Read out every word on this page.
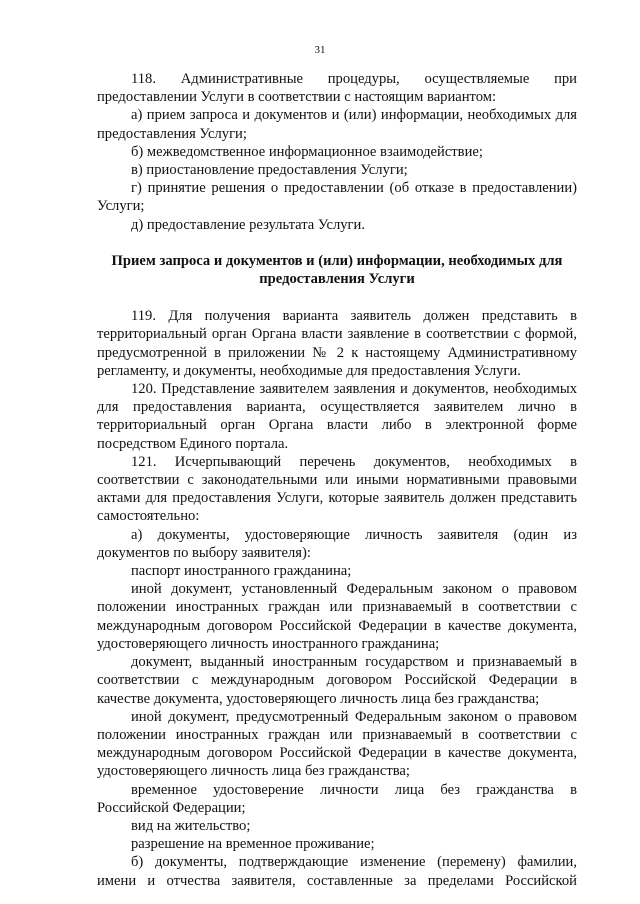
31

118. Административные процедуры, осуществляемые при предоставлении Услуги в соответствии с настоящим вариантом:

а) прием запроса и документов и (или) информации, необходимых для предоставления Услуги;

б) межведомственное информационное взаимодействие;

в) приостановление предоставления Услуги;

г) принятие решения о предоставлении (об отказе в предоставлении) Услуги;

д) предоставление результата Услуги.

Прием запроса и документов и (или) информации, необходимых для предоставления Услуги

119. Для получения варианта заявитель должен представить в территориальный орган Органа власти заявление в соответствии с формой, предусмотренной в приложении № 2 к настоящему Административному регламенту, и документы, необходимые для предоставления Услуги.

120. Представление заявителем заявления и документов, необходимых для предоставления варианта, осуществляется заявителем лично в территориальный орган Органа власти либо в электронной форме посредством Единого портала.

121. Исчерпывающий перечень документов, необходимых в соответствии с законодательными или иными нормативными правовыми актами для предоставления Услуги, которые заявитель должен представить самостоятельно:

а) документы, удостоверяющие личность заявителя (один из документов по выбору заявителя):

паспорт иностранного гражданина;

иной документ, установленный Федеральным законом о правовом положении иностранных граждан или признаваемый в соответствии с международным договором Российской Федерации в качестве документа, удостоверяющего личность иностранного гражданина;

документ, выданный иностранным государством и признаваемый в соответствии с международным договором Российской Федерации в качестве документа, удостоверяющего личность лица без гражданства;

иной документ, предусмотренный Федеральным законом о правовом положении иностранных граждан или признаваемый в соответствии с международным договором Российской Федерации в качестве документа, удостоверяющего личность лица без гражданства;

временное удостоверение личности лица без гражданства в Российской Федерации;

вид на жительство;

разрешение на временное проживание;

б) документы, подтверждающие изменение (перемену) фамилии, имени и отчества заявителя, составленные за пределами Российской
